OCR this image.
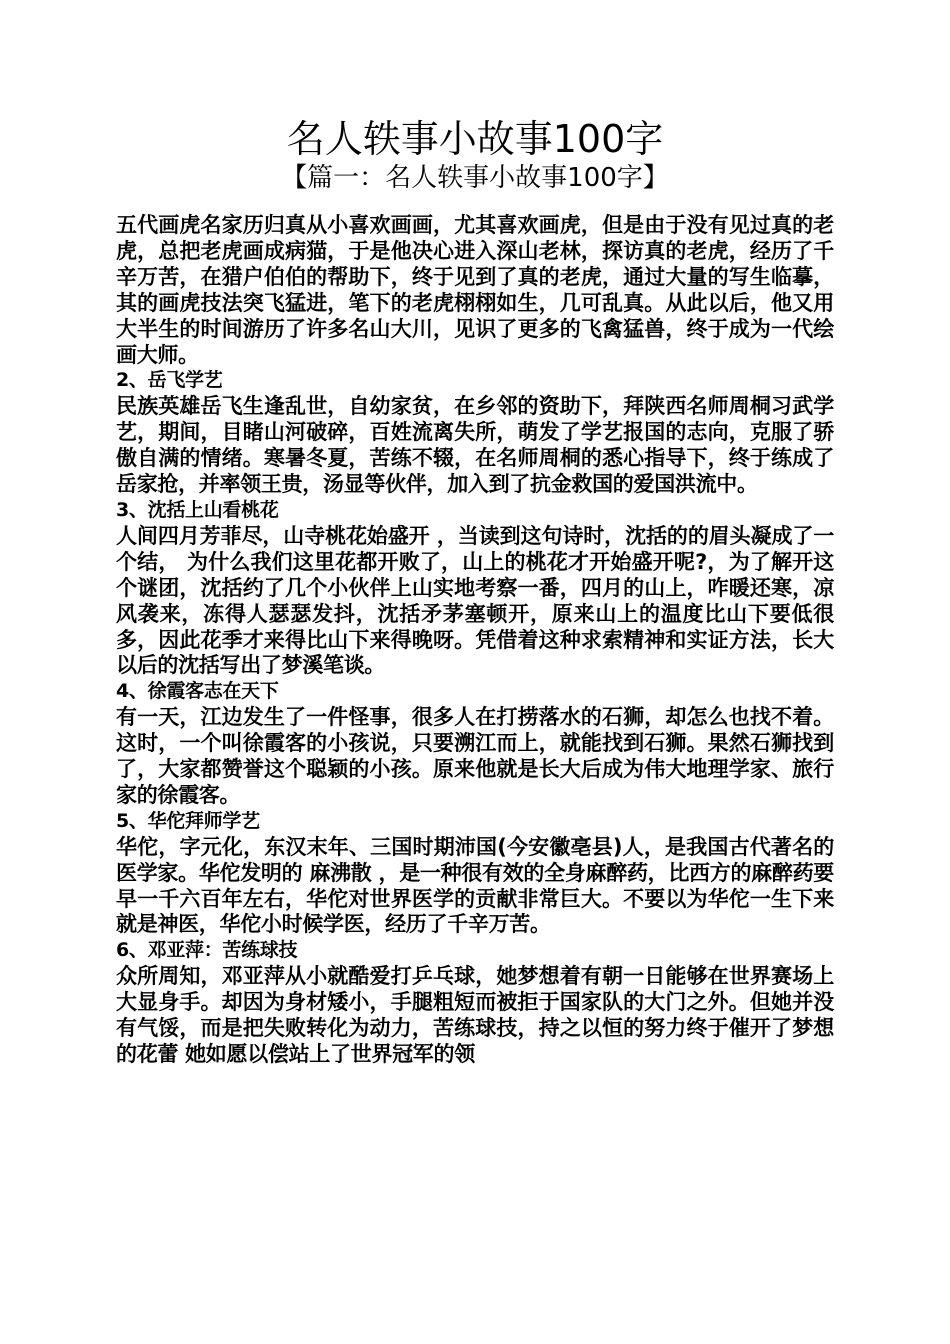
名人轶事小故事100字
【篇一：名人轶事小故事100字】

五代画虎名家历归真从小喜欢画画，尤其喜欢画虎，但是由于没有见过真的老虎，总把老虎画成病猫，于是他决心进入深山老林，探访真的老虎，经历了千辛万苦，在猎户伯伯的帮助下，终于见到了真的老虎，通过大量的写生临摹，其的画虎技法突飞猛进，笔下的老虎栩栩如生，几可乱真。从此以后，他又用大半生的时间游历了许多名山大川，见识了更多的飞禽猛兽，终于成为一代绘画大师。

2、岳飞学艺

民族英雄岳飞生逢乱世，自幼家贫，在乡邻的资助下，拜陕西名师周桐习武学艺，期间，目睹山河破碎，百姓流离失所，萌发了学艺报国的志向，克服了骄傲自满的情绪。寒暑冬夏，苦练不辍，在名师周桐的悉心指导下，终于练成了岳家抢，并率领王贵，汤显等伙伴，加入到了抗金救国的爱国洪流中。

3、沈括上山看桃花

人间四月芳菲尽，山寺桃花始盛开 ，当读到这句诗时，沈括的的眉头凝成了一个结， 为什么我们这里花都开败了，山上的桃花才开始盛开呢?，为了解开这个谜团，沈括约了几个小伙伴上山实地考察一番，四月的山上，咋暖还寒，凉风袭来，冻得人瑟瑟发抖，沈括矛茅塞顿开，原来山上的温度比山下要低很多，因此花季才来得比山下来得晚呀。凭借着这种求索精神和实证方法，长大以后的沈括写出了梦溪笔谈。

4、徐霞客志在天下

有一天，江边发生了一件怪事，很多人在打捞落水的石狮，却怎么也找不着。这时，一个叫徐霞客的小孩说，只要溯江而上，就能找到石狮。果然石狮找到了，大家都赞誉这个聪颖的小孩。原来他就是长大后成为伟大地理学家、旅行家的徐霞客。

5、华佗拜师学艺

华佗，字元化，东汉末年、三国时期沛国(今安徽亳县)人，是我国古代著名的医学家。华佗发明的 麻沸散 ，是一种很有效的全身麻醉药，比西方的麻醉药要早一千六百年左右，华佗对世界医学的贡献非常巨大。不要以为华佗一生下来就是神医，华佗小时候学医，经历了千辛万苦。

6、邓亚萍：苦练球技

众所周知，邓亚萍从小就酷爱打乒乓球，她梦想着有朝一日能够在世界赛场上大显身手。却因为身材矮小，手腿粗短而被拒于国家队的大门之外。但她并没有气馁，而是把失败转化为动力，苦练球技，持之以恒的努力终于催开了梦想的花蕾 她如愿以偿站上了世界冠军的领
